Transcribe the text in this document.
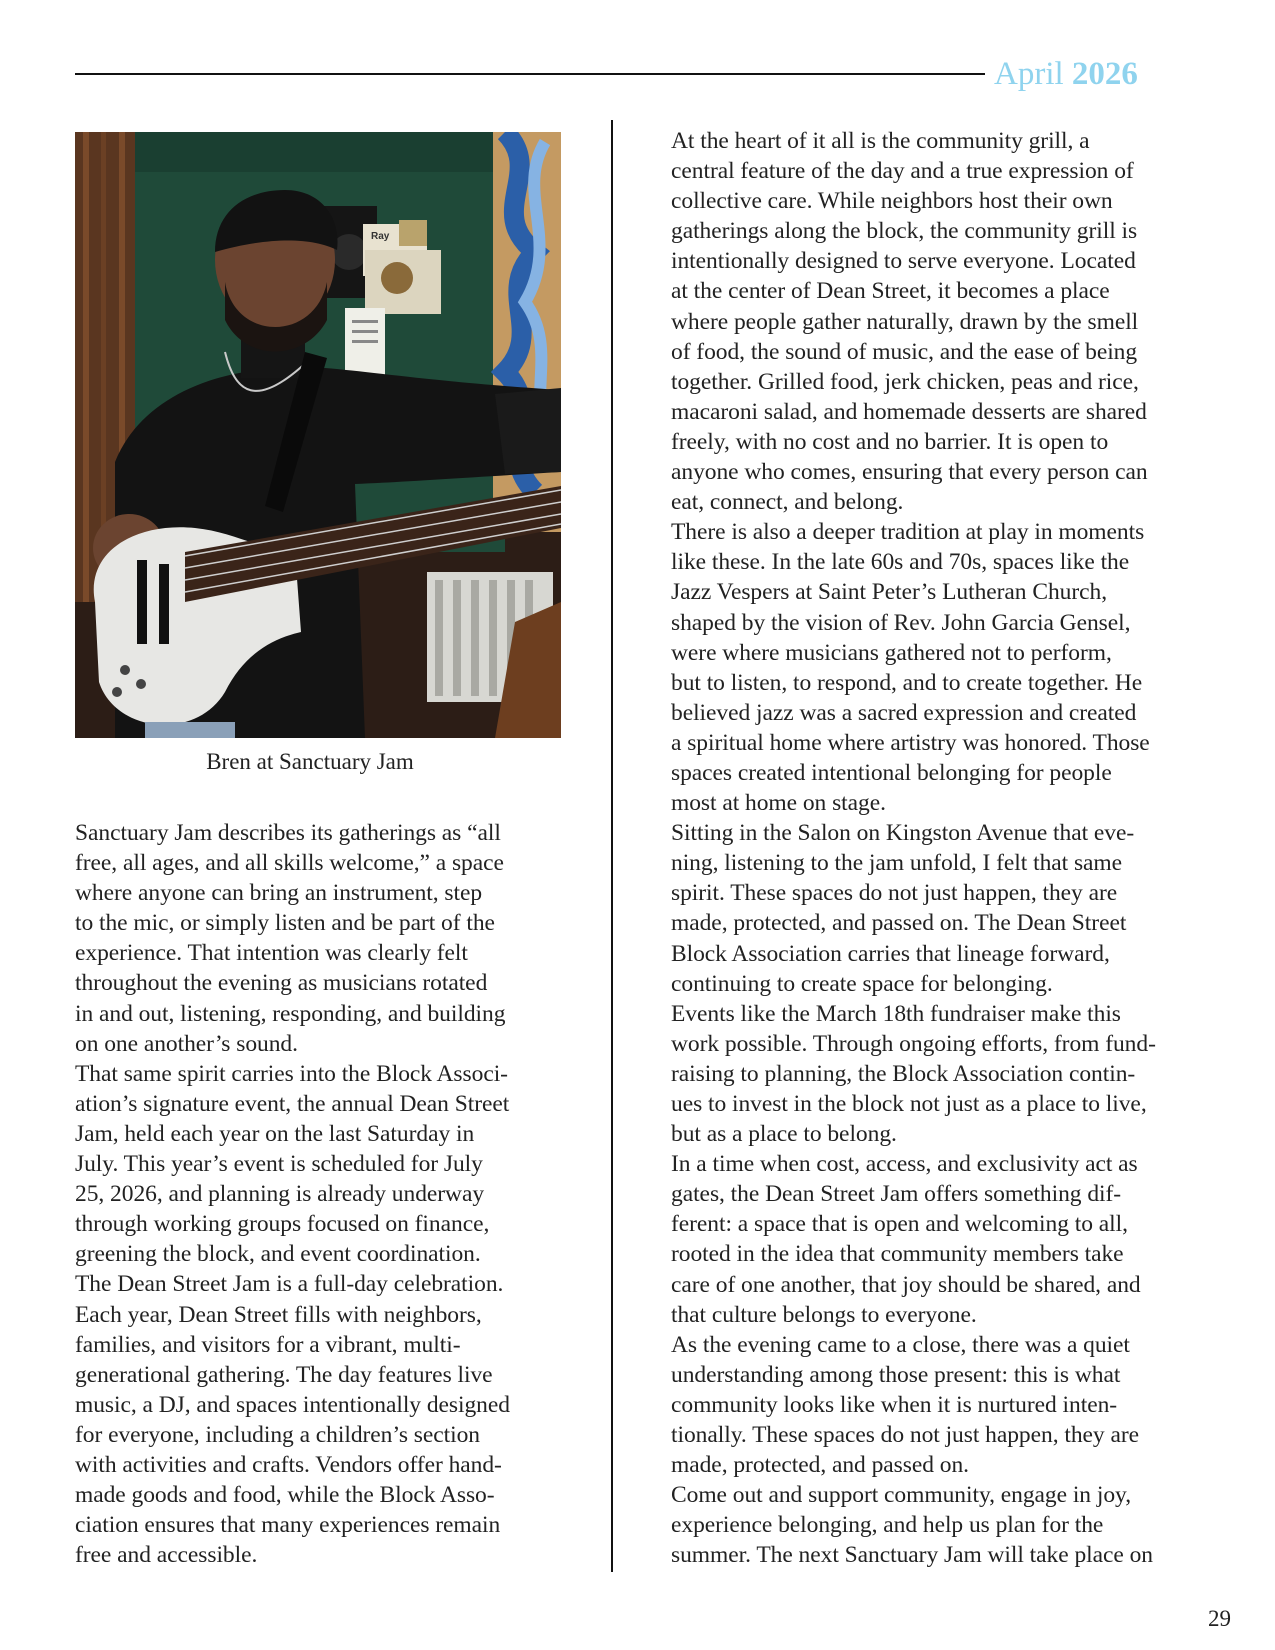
April 2026
Ray
Bren at Sanctuary Jam
Sanctuary Jam describes its gatherings as “all
free, all ages, and all skills welcome,” a space
where anyone can bring an instrument, step
to the mic, or simply listen and be part of the
experience. That intention was clearly felt
throughout the evening as musicians rotated
in and out, listening, responding, and building
on one another’s sound.
That same spirit carries into the Block Associ-
ation’s signature event, the annual Dean Street
Jam, held each year on the last Saturday in
July. This year’s event is scheduled for July
25, 2026, and planning is already underway
through working groups focused on finance,
greening the block, and event coordination.
The Dean Street Jam is a full-day celebration.
Each year, Dean Street fills with neighbors,
families, and visitors for a vibrant, multi-
generational gathering. The day features live
music, a DJ, and spaces intentionally designed
for everyone, including a children’s section
with activities and crafts. Vendors offer hand-
made goods and food, while the Block Asso-
ciation ensures that many experiences remain
free and accessible.
At the heart of it all is the community grill, a
central feature of the day and a true expression of
collective care. While neighbors host their own
gatherings along the block, the community grill is
intentionally designed to serve everyone. Located
at the center of Dean Street, it becomes a place
where people gather naturally, drawn by the smell
of food, the sound of music, and the ease of being
together. Grilled food, jerk chicken, peas and rice,
macaroni salad, and homemade desserts are shared
freely, with no cost and no barrier. It is open to
anyone who comes, ensuring that every person can
eat, connect, and belong.
There is also a deeper tradition at play in moments
like these. In the late 60s and 70s, spaces like the
Jazz Vespers at Saint Peter’s Lutheran Church,
shaped by the vision of Rev. John Garcia Gensel,
were where musicians gathered not to perform,
but to listen, to respond, and to create together. He
believed jazz was a sacred expression and created
a spiritual home where artistry was honored. Those
spaces created intentional belonging for people
most at home on stage.
Sitting in the Salon on Kingston Avenue that eve-
ning, listening to the jam unfold, I felt that same
spirit. These spaces do not just happen, they are
made, protected, and passed on. The Dean Street
Block Association carries that lineage forward,
continuing to create space for belonging.
Events like the March 18th fundraiser make this
work possible. Through ongoing efforts, from fund-
raising to planning, the Block Association contin-
ues to invest in the block not just as a place to live,
but as a place to belong.
In a time when cost, access, and exclusivity act as
gates, the Dean Street Jam offers something dif-
ferent: a space that is open and welcoming to all,
rooted in the idea that community members take
care of one another, that joy should be shared, and
that culture belongs to everyone.
As the evening came to a close, there was a quiet
understanding among those present: this is what
community looks like when it is nurtured inten-
tionally. These spaces do not just happen, they are
made, protected, and passed on.
Come out and support community, engage in joy,
experience belonging, and help us plan for the
summer. The next Sanctuary Jam will take place on
29
